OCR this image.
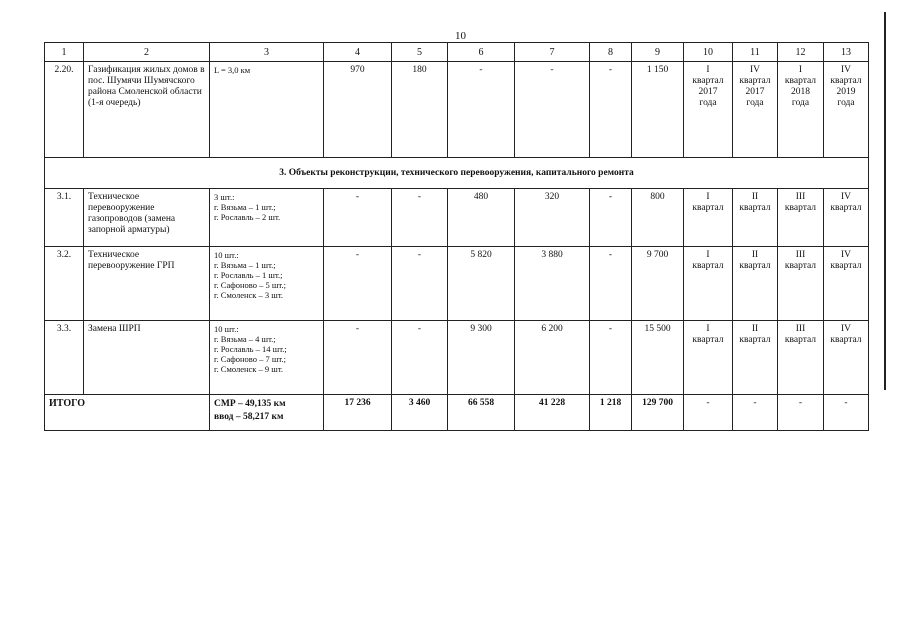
10
1	2	3	4	5	6	7	8	9	10	11	12	13
2.20.	Газификация жилых домов в пос. Шумячи Шумячского района Смоленской области (1-я очередь)	L = 3,0 км	970	180	-	-	-	1 150	I
квартал
2017
года	IV
квартал
2017
года	I
квартал
2018
года	IV
квартал
2019
года

3. Объекты реконструкции, технического перевооружения, капитального ремонта												
3.1.	Техническое перевооружение газопроводов (замена запорной арматуры)	3 шт.:
г. Вязьма – 1 шт.;
г. Рославль – 2 шт.	-	-	480	320	-	800	I
квартал	II
квартал	III
квартал	IV
квартал

3.2.	Техническое перевооружение ГРП	10 шт.:
г. Вязьма – 1 шт.;
г. Рославль – 1 шт.;
г. Сафоново – 5 шт.;
г. Смоленск – 3 шт.	-	-	5 820	3 880	-	9 700	I
квартал	II
квартал	III
квартал	IV
квартал

3.3.	Замена ШРП	10 шт.:
г. Вязьма – 4 шт.;
г. Рославль – 14 шт.;
г. Сафоново – 7 шт.;
г. Смоленск – 9 шт.	-	-	9 300	6 200	-	15 500	I
квартал	II
квартал	III
квартал	IV
квартал

ИТОГО		СМР – 49,135 км
ввод – 58,217 км	17 236	3 460	66 558	41 228	1 218	129 700	-	-	-	-
